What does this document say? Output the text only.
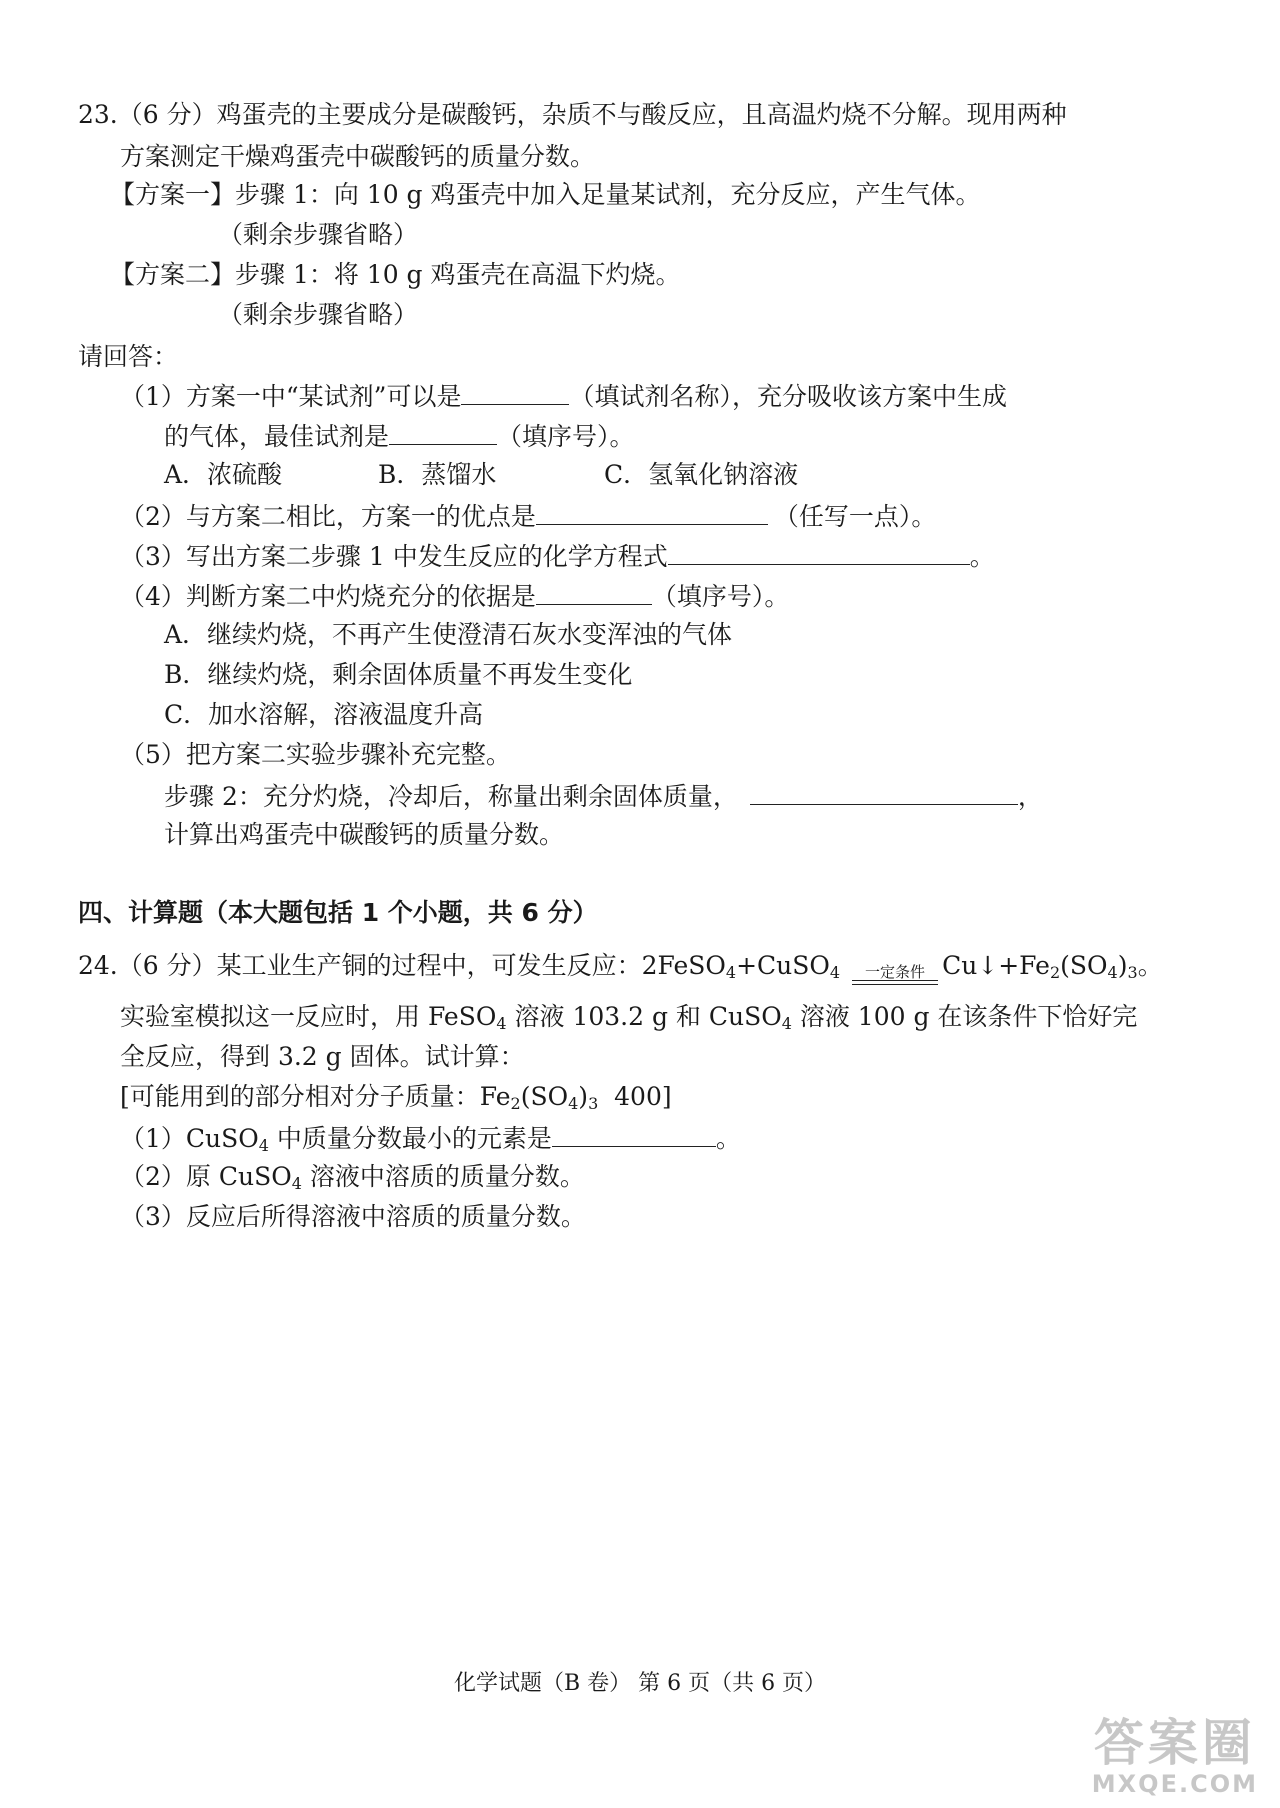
23.（6 分）鸡蛋壳的主要成分是碳酸钙，杂质不与酸反应，且高温灼烧不分解。现用两种
方案测定干燥鸡蛋壳中碳酸钙的质量分数。
【方案一】步骤 1：向 10 g 鸡蛋壳中加入足量某试剂，充分反应，产生气体。
（剩余步骤省略）
【方案二】步骤 1：将 10 g 鸡蛋壳在高温下灼烧。
（剩余步骤省略）
请回答：
（1）方案一中“某试剂”可以是	（填试剂名称），充分吸收该方案中生成
的气体，最佳试剂是	（填序号）。
A．浓硫酸	B．蒸馏水	C．氢氧化钠溶液
（2）与方案二相比，方案一的优点是	（任写一点）。
（3）写出方案二步骤 1 中发生反应的化学方程式	。
（4）判断方案二中灼烧充分的依据是	（填序号）。
A．继续灼烧，不再产生使澄清石灰水变浑浊的气体
B．继续灼烧，剩余固体质量不再发生变化
C．加水溶解，溶液温度升高
（5）把方案二实验步骤补充完整。
步骤 2：充分灼烧，冷却后，称量出剩余固体质量，	，
计算出鸡蛋壳中碳酸钙的质量分数。
四、计算题（本大题包括 1 个小题，共 6 分）
24.（6 分）某工业生产铜的过程中，可发生反应：2FeSO$_4$+CuSO$_4$	一定条件 $Cu↓+Fe_2(SO_4)_3$。
实验室模拟这一反应时，用 FeSO$_4$ 溶液 103.2 g 和 CuSO$_4$ 溶液 100 g 在该条件下恰好完
全反应，得到 3.2 g 固体。试计算：
[可能用到的部分相对分子质量：$Fe_2(SO_4)_3$  400]
（1）CuSO$_4$ 中质量分数最小的元素是	。
（2）原 CuSO$_4$ 溶液中溶质的质量分数。
（3）反应后所得溶液中溶质的质量分数。
化学试题（B 卷） 第 6 页（共 6 页）
答案圈
MXQE.COM
